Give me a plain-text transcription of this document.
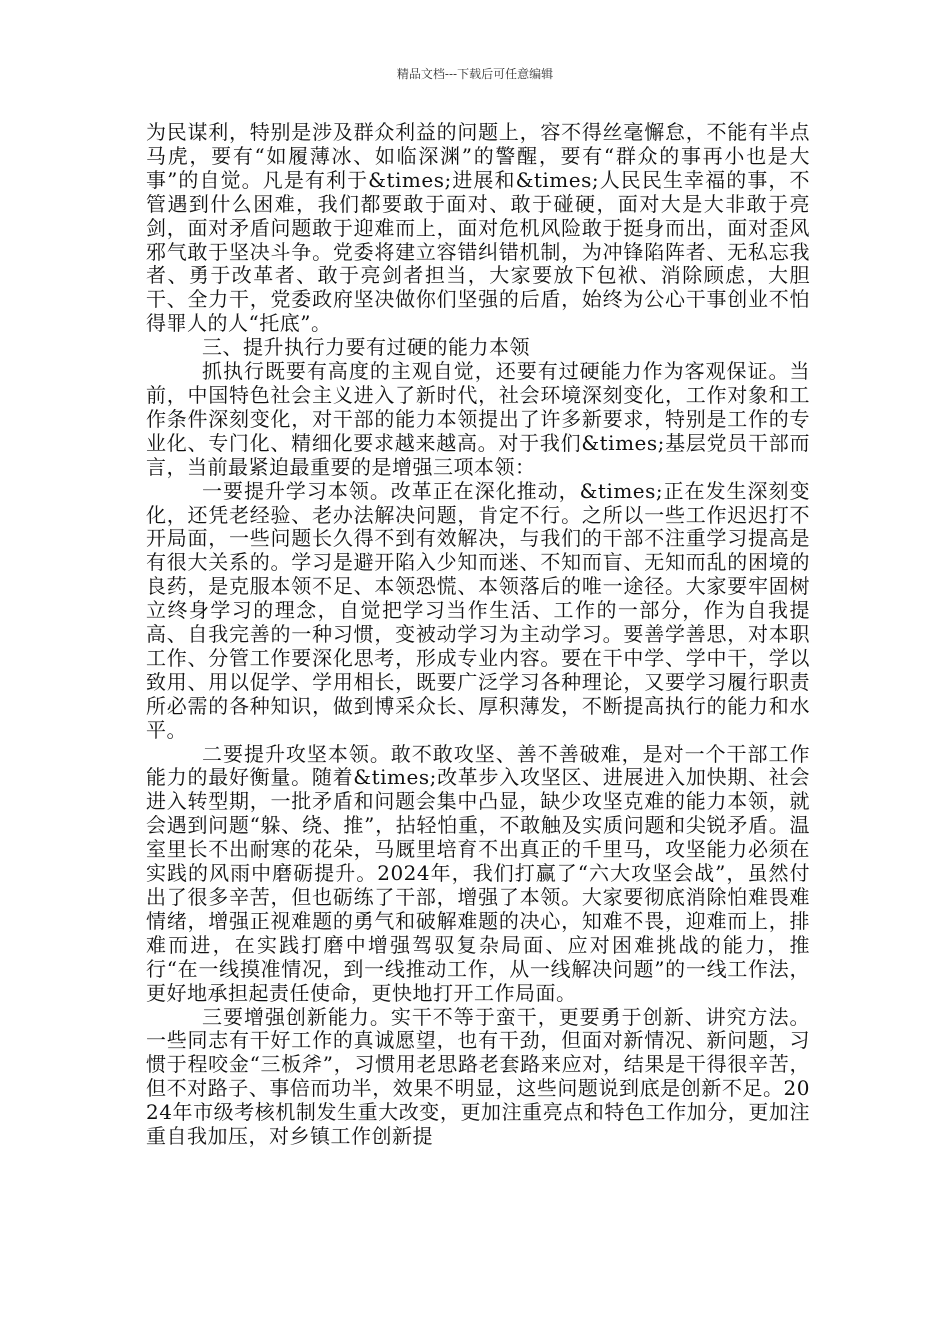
精品文档---下载后可任意编辑

为民谋利，特别是涉及群众利益的问题上，容不得丝毫懈怠，不能有半点马虎，要有“如履薄冰、如临深渊”的警醒，要有“群众的事再小也是大事”的自觉。凡是有利于&times;进展和&times;人民民生幸福的事，不管遇到什么困难，我们都要敢于面对、敢于碰硬，面对大是大非敢于亮剑，面对矛盾问题敢于迎难而上，面对危机风险敢于挺身而出，面对歪风邪气敢于坚决斗争。党委将建立容错纠错机制，为冲锋陷阵者、无私忘我者、勇于改革者、敢于亮剑者担当，大家要放下包袱、消除顾虑，大胆干、全力干，党委政府坚决做你们坚强的后盾，始终为公心干事创业不怕得罪人的人“托底”。

三、提升执行力要有过硬的能力本领

抓执行既要有高度的主观自觉，还要有过硬能力作为客观保证。当前，中国特色社会主义进入了新时代，社会环境深刻变化，工作对象和工作条件深刻变化，对干部的能力本领提出了许多新要求，特别是工作的专业化、专门化、精细化要求越来越高。对于我们&times;基层党员干部而言，当前最紧迫最重要的是增强三项本领：

一要提升学习本领。改革正在深化推动，&times;正在发生深刻变化，还凭老经验、老办法解决问题，肯定不行。之所以一些工作迟迟打不开局面，一些问题长久得不到有效解决，与我们的干部不注重学习提高是有很大关系的。学习是避开陷入少知而迷、不知而盲、无知而乱的困境的良药，是克服本领不足、本领恐慌、本领落后的唯一途径。大家要牢固树立终身学习的理念，自觉把学习当作生活、工作的一部分，作为自我提高、自我完善的一种习惯，变被动学习为主动学习。要善学善思，对本职工作、分管工作要深化思考，形成专业内容。要在干中学、学中干，学以致用、用以促学、学用相长，既要广泛学习各种理论，又要学习履行职责所必需的各种知识，做到博采众长、厚积薄发，不断提高执行的能力和水平。

二要提升攻坚本领。敢不敢攻坚、善不善破难，是对一个干部工作能力的最好衡量。随着&times;改革步入攻坚区、进展进入加快期、社会进入转型期，一批矛盾和问题会集中凸显，缺少攻坚克难的能力本领，就会遇到问题“躲、绕、推”，拈轻怕重，不敢触及实质问题和尖锐矛盾。温室里长不出耐寒的花朵，马厩里培育不出真正的千里马，攻坚能力必须在实践的风雨中磨砺提升。2024年，我们打赢了“六大攻坚会战”，虽然付出了很多辛苦，但也砺练了干部，增强了本领。大家要彻底消除怕难畏难情绪，增强正视难题的勇气和破解难题的决心，知难不畏，迎难而上，排难而进，在实践打磨中增强驾驭复杂局面、应对困难挑战的能力，推行“在一线摸准情况，到一线推动工作，从一线解决问题”的一线工作法，更好地承担起责任使命，更快地打开工作局面。

三要增强创新能力。实干不等于蛮干，更要勇于创新、讲究方法。一些同志有干好工作的真诚愿望，也有干劲，但面对新情况、新问题，习惯于程咬金“三板斧”，习惯用老思路老套路来应对，结果是干得很辛苦，但不对路子、事倍而功半，效果不明显，这些问题说到底是创新不足。2024年市级考核机制发生重大改变，更加注重亮点和特色工作加分，更加注重自我加压，对乡镇工作创新提
